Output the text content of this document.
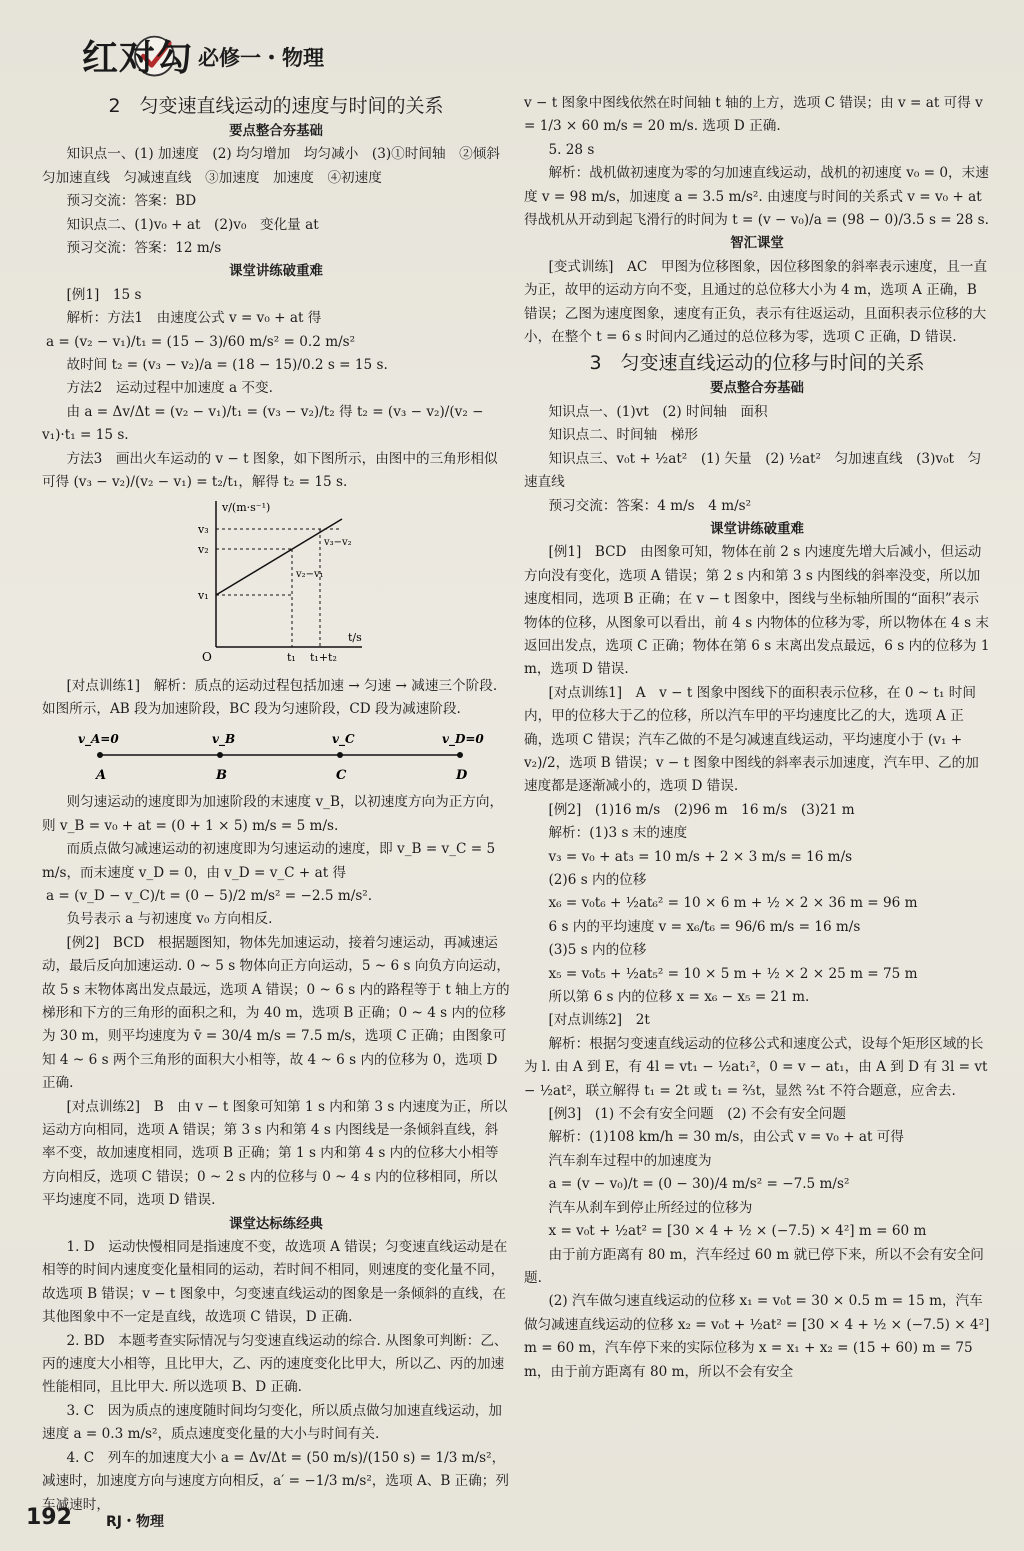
红对勾 必修一・物理

2　匀变速直线运动的速度与时间的关系

要点整合夯基础

知识点一、(1) 加速度　(2) 均匀增加　均匀减小　(3)①时间轴　②倾斜　匀加速直线　匀减速直线　③加速度　加速度　④初速度

预习交流：答案：BD

知识点二、(1)v₀ + at　(2)v₀　变化量 at

预习交流：答案：12 m/s

课堂讲练破重难

[例1]　15 s

解析：方法1　由速度公式 v = v₀ + at 得

a = (v₂ − v₁)/t₁ = (15 − 3)/60 m/s² = 0.2 m/s²

故时间 t₂ = (v₃ − v₂)/a = (18 − 15)/0.2 s = 15 s.

方法2　运动过程中加速度 a 不变.

由 a = Δv/Δt = (v₂ − v₁)/t₁ = (v₃ − v₂)/t₂ 得 t₂ = (v₃ − v₂)/(v₂ − v₁)·t₁ = 15 s.

方法3　画出火车运动的 v − t 图象，如下图所示，由图中的三角形相似可得 (v₃ − v₂)/(v₂ − v₁) = t₂/t₁，解得 t₂ = 15 s.

v/(m·s⁻¹)
t/s
O
v₁
v₂
v₃
t₁ t₁+t₂
v₃−v₂
v₂−v₁

[对点训练1]　解析：质点的运动过程包括加速 → 匀速 → 减速三个阶段. 如图所示，AB 段为加速阶段，BC 段为匀速阶段，CD 段为减速阶段.

v_A=0	v_B	v_C	v_D=0
A	B	C	D

则匀速运动的速度即为加速阶段的末速度 v_B，以初速度方向为正方向，则 v_B = v₀ + at = (0 + 1 × 5) m/s = 5 m/s.

而质点做匀减速运动的初速度即为匀速运动的速度，即 v_B = v_C = 5 m/s，而末速度 v_D = 0，由 v_D = v_C + at 得

a = (v_D − v_C)/t = (0 − 5)/2 m/s² = −2.5 m/s².

负号表示 a 与初速度 v₀ 方向相反.

[例2]　BCD　根据题图知，物体先加速运动，接着匀速运动，再减速运动，最后反向加速运动. 0 ~ 5 s 物体向正方向运动，5 ~ 6 s 向负方向运动，故 5 s 末物体离出发点最远，选项 A 错误；0 ~ 6 s 内的路程等于 t 轴上方的梯形和下方的三角形的面积之和，为 40 m，选项 B 正确；0 ~ 4 s 内的位移为 30 m，则平均速度为 v̄ = 30/4 m/s = 7.5 m/s，选项 C 正确；由图象可知 4 ~ 6 s 两个三角形的面积大小相等，故 4 ~ 6 s 内的位移为 0，选项 D 正确.

[对点训练2]　B　由 v − t 图象可知第 1 s 内和第 3 s 内速度为正，所以运动方向相同，选项 A 错误；第 3 s 内和第 4 s 内图线是一条倾斜直线，斜率不变，故加速度相同，选项 B 正确；第 1 s 内和第 4 s 内的位移大小相等方向相反，选项 C 错误；0 ~ 2 s 内的位移与 0 ~ 4 s 内的位移相同，所以平均速度不同，选项 D 错误.

课堂达标练经典

1. D　运动快慢相同是指速度不变，故选项 A 错误；匀变速直线运动是在相等的时间内速度变化量相同的运动，若时间不相同，则速度的变化量不同，故选项 B 错误；v − t 图象中，匀变速直线运动的图象是一条倾斜的直线，在其他图象中不一定是直线，故选项 C 错误，D 正确.

2. BD　本题考查实际情况与匀变速直线运动的综合. 从图象可判断：乙、丙的速度大小相等，且比甲大，乙、丙的速度变化比甲大，所以乙、丙的加速性能相同，且比甲大. 所以选项 B、D 正确.

3. C　因为质点的速度随时间均匀变化，所以质点做匀加速直线运动，加速度 a = 0.3 m/s²，质点速度变化量的大小与时间有关.

4. C　列车的加速度大小 a = Δv/Δt = (50 m/s)/(150 s) = 1/3 m/s²，减速时，加速度方向与速度方向相反，a′ = −1/3 m/s²，选项 A、B 正确；列车减速时，

v − t 图象中图线依然在时间轴 t 轴的上方，选项 C 错误；由 v = at 可得 v = 1/3 × 60 m/s = 20 m/s. 选项 D 正确.

5. 28 s

解析：战机做初速度为零的匀加速直线运动，战机的初速度 v₀ = 0，末速度 v = 98 m/s，加速度 a = 3.5 m/s². 由速度与时间的关系式 v = v₀ + at 得战机从开动到起飞滑行的时间为 t = (v − v₀)/a = (98 − 0)/3.5 s = 28 s.

智汇课堂

[变式训练]　AC　甲图为位移图象，因位移图象的斜率表示速度，且一直为正，故甲的运动方向不变，且通过的总位移大小为 4 m，选项 A 正确，B 错误；乙图为速度图象，速度有正负，表示有往返运动，且面积表示位移的大小，在整个 t = 6 s 时间内乙通过的总位移为零，选项 C 正确，D 错误.

3　匀变速直线运动的位移与时间的关系

要点整合夯基础

知识点一、(1)vt　(2) 时间轴　面积

知识点二、时间轴　梯形

知识点三、v₀t + ½at²　(1) 矢量　(2) ½at²　匀加速直线　(3)v₀t　匀速直线

预习交流：答案：4 m/s　4 m/s²

课堂讲练破重难

[例1]　BCD　由图象可知，物体在前 2 s 内速度先增大后减小，但运动方向没有变化，选项 A 错误；第 2 s 内和第 3 s 内图线的斜率没变，所以加速度相同，选项 B 正确；在 v − t 图象中，图线与坐标轴所围的“面积”表示物体的位移，从图象可以看出，前 4 s 内物体的位移为零，所以物体在 4 s 末返回出发点，选项 C 正确；物体在第 6 s 末离出发点最远，6 s 内的位移为 1 m，选项 D 错误.

[对点训练1]　A　v − t 图象中图线下的面积表示位移，在 0 ~ t₁ 时间内，甲的位移大于乙的位移，所以汽车甲的平均速度比乙的大，选项 A 正确，选项 C 错误；汽车乙做的不是匀减速直线运动，平均速度小于 (v₁ + v₂)/2，选项 B 错误；v − t 图象中图线的斜率表示加速度，汽车甲、乙的加速度都是逐渐减小的，选项 D 错误.

[例2]　(1)16 m/s　(2)96 m　16 m/s　(3)21 m

解析：(1)3 s 末的速度

v₃ = v₀ + at₃ = 10 m/s + 2 × 3 m/s = 16 m/s

(2)6 s 内的位移

x₆ = v₀t₆ + ½at₆² = 10 × 6 m + ½ × 2 × 36 m = 96 m

6 s 内的平均速度 v = x₆/t₆ = 96/6 m/s = 16 m/s

(3)5 s 内的位移

x₅ = v₀t₅ + ½at₅² = 10 × 5 m + ½ × 2 × 25 m = 75 m

所以第 6 s 内的位移 x = x₆ − x₅ = 21 m.

[对点训练2]　2t

解析：根据匀变速直线运动的位移公式和速度公式，设每个矩形区域的长为 l. 由 A 到 E，有 4l = vt₁ − ½at₁²，0 = v − at₁，由 A 到 D 有 3l = vt − ½at²，联立解得 t₁ = 2t 或 t₁ = ⅔t，显然 ⅔t 不符合题意，应舍去.

[例3]　(1) 不会有安全问题　(2) 不会有安全问题

解析：(1)108 km/h = 30 m/s，由公式 v = v₀ + at 可得

汽车刹车过程中的加速度为

a = (v − v₀)/t = (0 − 30)/4 m/s² = −7.5 m/s²

汽车从刹车到停止所经过的位移为

x = v₀t + ½at² = [30 × 4 + ½ × (−7.5) × 4²] m = 60 m

由于前方距离有 80 m，汽车经过 60 m 就已停下来，所以不会有安全问题.

(2) 汽车做匀速直线运动的位移 x₁ = v₀t = 30 × 0.5 m = 15 m，汽车做匀减速直线运动的位移 x₂ = v₀t + ½at² = [30 × 4 + ½ × (−7.5) × 4²] m = 60 m，汽车停下来的实际位移为 x = x₁ + x₂ = (15 + 60) m = 75 m，由于前方距离有 80 m，所以不会有安全

192 RJ・物理
